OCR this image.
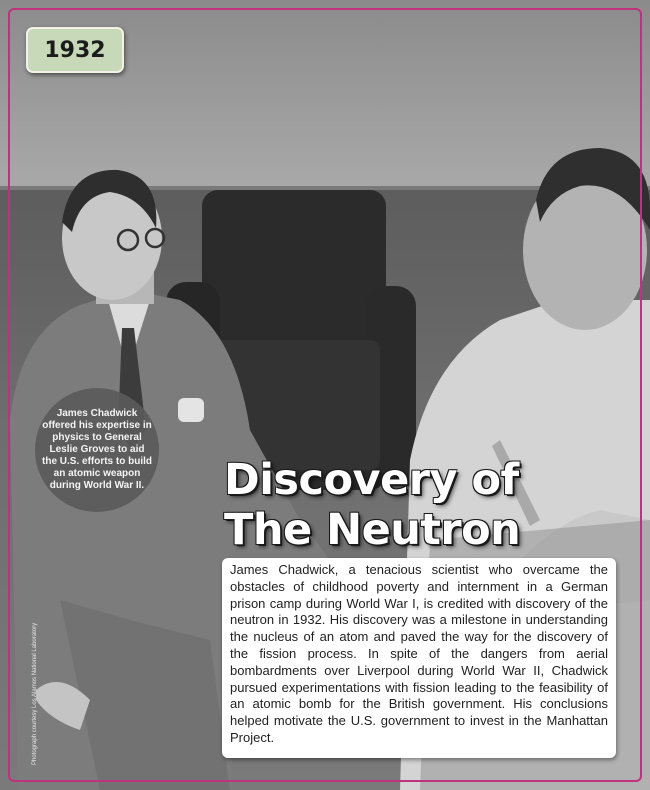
1932
James Chadwick offered his expertise in physics to General Leslie Groves to aid the U.S. efforts to build an atomic weapon during World War II. Discovery of
The Neutron

James Chadwick, a tenacious scientist who overcame the obstacles of childhood poverty and internment in a German prison camp during World War I, is credited with discovery of the neutron in 1932. His discovery was a milestone in understanding the nucleus of an atom and paved the way for the discovery of the fission process. In spite of the dangers from aerial bombardments over Liverpool during World War II, Chadwick pursued experimentations with fission leading to the feasibility of an atomic bomb for the British government. His conclusions helped motivate the U.S. government to invest in the Manhattan Project.

Photograph courtesy Los Alamos National Laboratory
